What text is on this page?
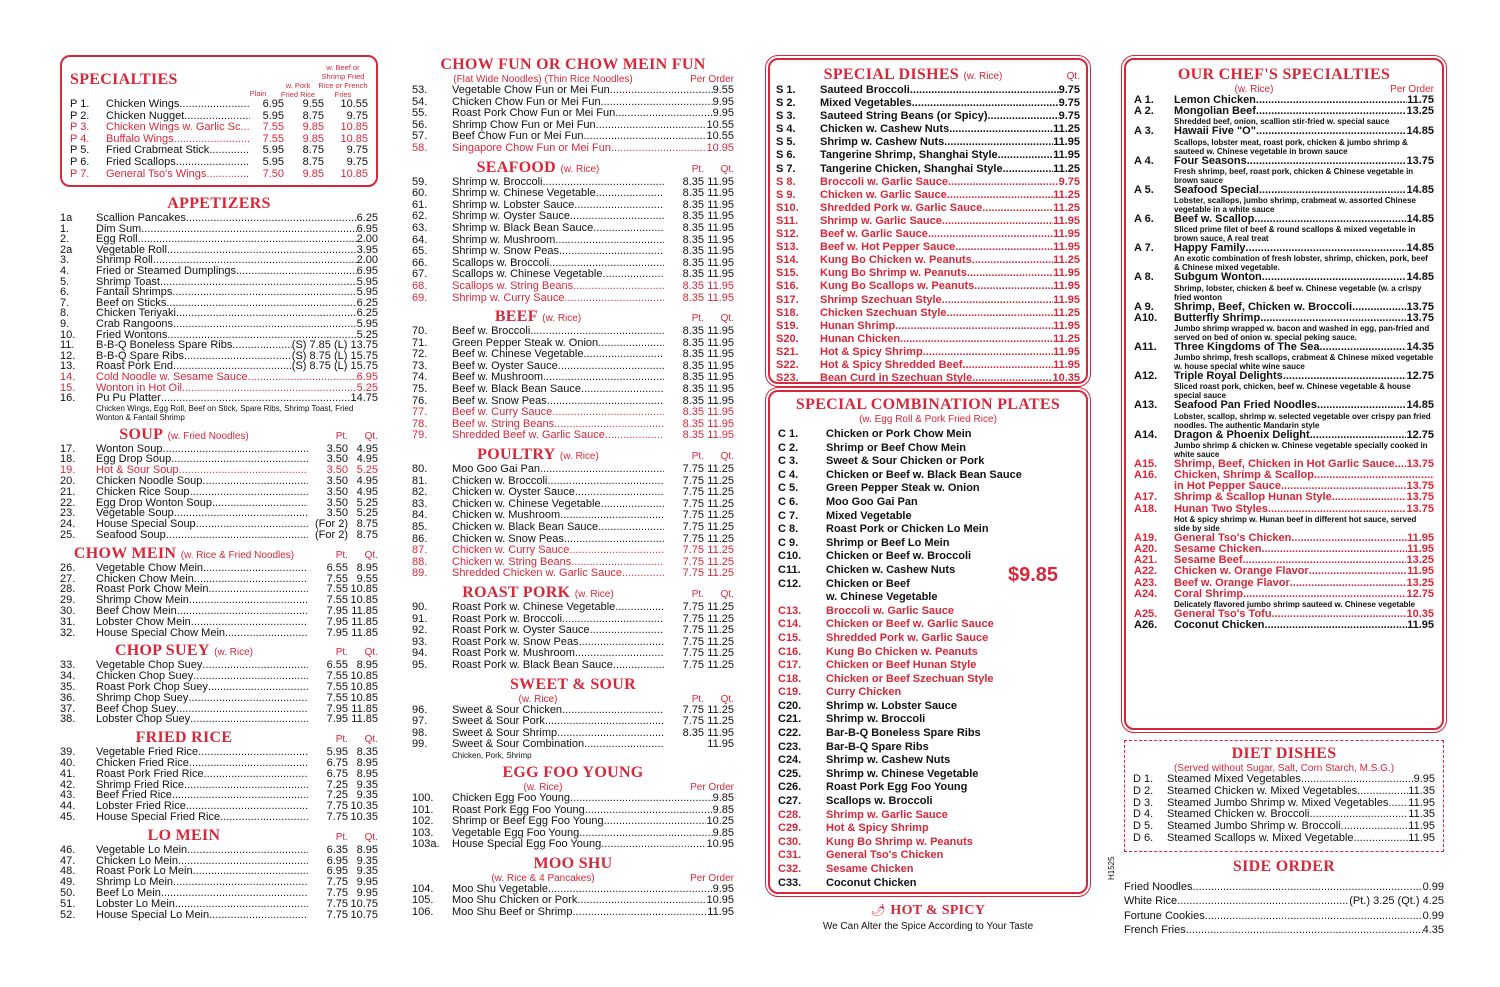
SPECIALTIES
Plain
w. Pork Fried Rice
w. Beef or Shrimp Fried Rice or French Fries
P 1.	Chicken Wings .....	6.95	9.55	10.55
P 2.	Chicken Nugget .....	5.95	8.75	9.75
P 3.	Chicken Wings w. Garlic Sc. .....	7.55	9.85	10.85
P 4.	Buffalo Wings .....	7.55	9.85	10.85
P 5.	Fried Crabmeat Stick .....	5.95	8.75	9.75
P 6.	Fried Scallops .....	5.95	8.75	9.75
P 7.	General Tso's Wings .....	7.50	9.85	10.85
APPETIZERS
1a	Scallion Pancakes .....	6.25
1.	Dim Sum .....	6.95
2.	Egg Roll .....	2.00
2a	Vegetable Roll .....	3.95
3.	Shrimp Roll .....	2.00
4.	Fried or Steamed Dumplings .....	6.95
5.	Shrimp Toast .....	5.95
6.	Fantail Shrimps .....	5.95
7.	Beef on Sticks .....	6.25
8.	Chicken Teriyaki .....	6.25
9.	Crab Rangoons .....	5.95
10.	Fried Wontons .....	5.25
11.	B-B-Q Boneless Spare Ribs .....	(S) 7.85 (L) 13.75
12.	B-B-Q Spare Ribs .....	(S) 8.75 (L) 15.75
13.	Roast Pork End .....	(S) 8.75 (L) 15.75
14.	Cold Noodle w. Sesame Sauce .....	6.95
15.	Wonton in Hot Oil .....	5.25
16.	Pu Pu Platter .....	14.75
Chicken Wings, Egg Roll, Beef on Stick, Spare Ribs, Shrimp Toast, Fried Wonton & Fantail Shrimp
SOUP (w. Fried Noodles)	Pt.	Qt.
17.	Wonton Soup .....	3.50 4.95
18.	Egg Drop Soup .....	3.50 4.95
19.	Hot & Sour Soup .....	3.50 5.25
20.	Chicken Noodle Soup .....	3.50 4.95
21.	Chicken Rice Soup .....	3.50 4.95
22.	Egg Drop Wonton Soup .....	3.50 5.25
23.	Vegetable Soup .....	3.50 5.25
24.	House Special Soup .....	(For 2) 8.75
25.	Seafood Soup .....	(For 2) 8.75
CHOW MEIN (w. Rice & Fried Noodles)	Pt.	Qt.
26.	Vegetable Chow Mein .....	6.55 8.95
27.	Chicken Chow Mein .....	7.55 9.55
28.	Roast Pork Chow Mein .....	7.55 10.85
29.	Shrimp Chow Mein .....	7.55 10.85
30.	Beef Chow Mein .....	7.95 11.85
31.	Lobster Chow Mein .....	7.95 11.85
32.	House Special Chow Mein .....	7.95 11.85
CHOP SUEY (w. Rice)	Pt.	Qt.
33.	Vegetable Chop Suey .....	6.55 8.95
34.	Chicken Chop Suey .....	7.55 10.85
35.	Roast Pork Chop Suey .....	7.55 10.85
36.	Shrimp Chop Suey .....	7.55 10.85
37.	Beef Chop Suey .....	7.95 11.85
38.	Lobster Chop Suey .....	7.95 11.85
FRIED RICE	Pt.	Qt.
39.	Vegetable Fried Rice .....	5.95 8.35
40.	Chicken Fried Rice .....	6.75 8.95
41.	Roast Pork Fried Rice .....	6.75 8.95
42.	Shrimp Fried Rice .....	7.25 9.35
43.	Beef Fried Rice .....	7.25 9.35
44.	Lobster Fried Rice .....	7.75 10.35
45.	House Special Fried Rice .....	7.75 10.35
LO MEIN	Pt.	Qt.
46.	Vegetable Lo Mein .....	6.35 8.95
47.	Chicken Lo Mein .....	6.95 9.35
48.	Roast Pork Lo Mein .....	6.95 9.35
49.	Shrimp Lo Mein .....	7.75 9.95
50.	Beef Lo Mein .....	7.75 9.95
51.	Lobster Lo Mein .....	7.75 10.75
52.	House Special Lo Mein .....	7.75 10.75
CHOW FUN OR CHOW MEIN FUN
(Flat Wide Noodles) (Thin Rice Noodles)	Per Order
53.	Vegetable Chow Fun or Mei Fun .....	9.55
54.	Chicken Chow Fun or Mei Fun .....	9.95
55.	Roast Pork Chow Fun or Mei Fun .....	9.95
56.	Shrimp Chow Fun or Mei Fun .....	10.55
57.	Beef Chow Fun or Mei Fun .....	10.55
58.	Singapore Chow Fun or Mei Fun .....	10.95
SEAFOOD (w. Rice)	Pt.	Qt.
59.	Shrimp w. Broccoli .....	8.35 11.95
60.	Shrimp w. Chinese Vegetable .....	8.35 11.95
61.	Shrimp w. Lobster Sauce .....	8.35 11.95
62.	Shrimp w. Oyster Sauce .....	8.35 11.95
63.	Shrimp w. Black Bean Sauce .....	8.35 11.95
64.	Shrimp w. Mushroom .....	8.35 11.95
65.	Shrimp w. Snow Peas .....	8.35 11.95
66.	Scallops w. Broccoli .....	8.35 11.95
67.	Scallops w. Chinese Vegetable .....	8.35 11.95
68.	Scallops w. String Beans .....	8.35 11.95
69.	Shrimp w. Curry Sauce .....	8.35 11.95
BEEF (w. Rice)	Pt.	Qt.
70.	Beef w. Broccoli .....	8.35 11.95
71.	Green Pepper Steak w. Onion .....	8.35 11.95
72.	Beef w. Chinese Vegetable .....	8.35 11.95
73.	Beef w. Oyster Sauce .....	8.35 11.95
74.	Beef w. Mushroom .....	8.35 11.95
75.	Beef w. Black Bean Sauce .....	8.35 11.95
76.	Beef w. Snow Peas .....	8.35 11.95
77.	Beef w. Curry Sauce .....	8.35 11.95
78.	Beef w. String Beans .....	8.35 11.95
79.	Shredded Beef w. Garlic Sauce .....	8.35 11.95
POULTRY (w. Rice)	Pt.	Qt.
80.	Moo Goo Gai Pan .....	7.75 11.25
81.	Chicken w. Broccoli .....	7.75 11.25
82.	Chicken w. Oyster Sauce .....	7.75 11.25
83.	Chicken w. Chinese Vegetable .....	7.75 11.25
84.	Chicken w. Mushroom .....	7.75 11.25
85.	Chicken w. Black Bean Sauce .....	7.75 11.25
86.	Chicken w. Snow Peas .....	7.75 11.25
87.	Chicken w. Curry Sauce .....	7.75 11.25
88.	Chicken w. String Beans .....	7.75 11.25
89.	Shredded Chicken w. Garlic Sauce .....	7.75 11.25
ROAST PORK (w. Rice)	Pt.	Qt.
90.	Roast Pork w. Chinese Vegetable .....	7.75 11.25
91.	Roast Pork w. Broccoli .....	7.75 11.25
92.	Roast Pork w. Oyster Sauce .....	7.75 11.25
93.	Roast Pork w. Snow Peas .....	7.75 11.25
94.	Roast Pork w. Mushroom .....	7.75 11.25
95.	Roast Pork w. Black Bean Sauce .....	7.75 11.25
SWEET & SOUR
(w. Rice)	Pt.	Qt.
96.	Sweet & Sour Chicken .....	7.75 11.25
97.	Sweet & Sour Pork .....	7.75 11.25
98.	Sweet & Sour Shrimp .....	8.35 11.95
99.	Sweet & Sour Combination .....	11.95
Chicken, Pork, Shrimp
EGG FOO YOUNG
(w. Rice)	Per Order
100.	Chicken Egg Foo Young .....	9.85
101.	Roast Pork Egg Foo Young .....	9.85
102.	Shrimp or Beef Egg Foo Young .....	10.25
103.	Vegetable Egg Foo Young .....	9.85
103a.	House Special Egg Foo Young .....	10.95
MOO SHU
(w. Rice & 4 Pancakes)	Per Order
104.	Moo Shu Vegetable .....	9.95
105.	Moo Shu Chicken or Pork .....	10.95
106.	Moo Shu Beef or Shrimp .....	11.95
SPECIAL DISHES (w. Rice)	Qt.
S 1.	Sauteed Broccoli .....	9.75
S 2.	Mixed Vegetables .....	9.75
S 3.	Sauteed String Beans (or Spicy) .....	9.75
S 4.	Chicken w. Cashew Nuts .....	11.25
S 5.	Shrimp w. Cashew Nuts .....	11.95
S 6.	Tangerine Shrimp, Shanghai Style .....	11.95
S 7.	Tangerine Chicken, Shanghai Style .....	11.25
S 8.	Broccoli w. Garlic Sauce .....	9.75
S 9.	Chicken w. Garlic Sauce .....	11.25
S10.	Shredded Pork w. Garlic Sauce .....	11.25
S11.	Shrimp w. Garlic Sauce .....	11.95
S12.	Beef w. Garlic Sauce .....	11.95
S13.	Beef w. Hot Pepper Sauce .....	11.95
S14.	Kung Bo Chicken w. Peanuts .....	11.25
S15.	Kung Bo Shrimp w. Peanuts .....	11.95
S16.	Kung Bo Scallops w. Peanuts .....	11.95
S17.	Shrimp Szechuan Style .....	11.95
S18.	Chicken Szechuan Style .....	11.25
S19.	Hunan Shrimp .....	11.95
S20.	Hunan Chicken .....	11.25
S21.	Hot & Spicy Shrimp .....	11.95
S22.	Hot & Spicy Shredded Beef .....	11.95
S23.	Bean Curd in Szechuan Style .....	10.35
SPECIAL COMBINATION PLATES
(w. Egg Roll & Pork Fried Rice)
C 1.	Chicken or Pork Chow Mein
C 2.	Shrimp or Beef Chow Mein
C 3.	Sweet & Sour Chicken or Pork
C 4.	Chicken or Beef w. Black Bean Sauce
C 5.	Green Pepper Steak w. Onion
C 6.	Moo Goo Gai Pan
C 7.	Mixed Vegetable
C 8.	Roast Pork or Chicken Lo Mein
C 9.	Shrimp or Beef Lo Mein
C10.	Chicken or Beef w. Broccoli
C11.	Chicken w. Cashew Nuts
C12.	Chicken or Beef
w. Chinese Vegetable
C13.	Broccoli w. Garlic Sauce
C14.	Chicken or Beef w. Garlic Sauce
C15.	Shredded Pork w. Garlic Sauce
C16.	Kung Bo Chicken w. Peanuts
C17.	Chicken or Beef Hunan Style
C18.	Chicken or Beef Szechuan Style
C19.	Curry Chicken
C20.	Shrimp w. Lobster Sauce
C21.	Shrimp w. Broccoli
C22.	Bar-B-Q Boneless Spare Ribs
C23.	Bar-B-Q Spare Ribs
C24.	Shrimp w. Cashew Nuts
C25.	Shrimp w. Chinese Vegetable
C26.	Roast Pork Egg Foo Young
C27.	Scallops w. Broccoli
C28.	Shrimp w. Garlic Sauce
C29.	Hot & Spicy Shrimp
C30.	Kung Bo Shrimp w. Peanuts
C31.	General Tso's Chicken
C32.	Sesame Chicken
C33.	Coconut Chicken
$9.85
🌶︎ HOT & SPICY
We Can Alter the Spice According to Your Taste
OUR CHEF'S SPECIALTIES
(w. Rice)	Per Order
A 1.	Lemon Chicken .....	11.75
A 2.	Mongolian Beef .....	13.25
Shredded beef, onion, scallion stir-fried w. special sauce
A 3.	Hawaii Five "O" .....	14.85
Scallops, lobster meat, roast pork, chicken & jumbo shrimp & sauteed w. Chinese vegetable in brown sauce
A 4.	Four Seasons .....	13.75
Fresh shrimp, beef, roast pork, chicken & Chinese vegetable in brown sauce
A 5.	Seafood Special .....	14.85
Lobster, scallops, jumbo shrimp, crabmeat w. assorted Chinese vegetable in a white sauce
A 6.	Beef w. Scallop .....	14.85
Sliced prime filet of beef & round scallops & mixed vegetable in brown sauce, A real treat
A 7.	Happy Family .....	14.85
An exotic combination of fresh lobster, shrimp, chicken, pork, beef & Chinese mixed vegetable.
A 8.	Subgum Wonton .....	14.85
Shrimp, lobster, chicken & beef w. Chinese vegetable (w. a crispy fried wonton
A 9.	Shrimp, Beef, Chicken w. Broccoli .....	13.75
A10.	Butterfly Shrimp .....	13.75
Jumbo shrimp wrapped w. bacon and washed in egg, pan-fried and served on bed of onion w. special peking sauce.
A11.	Three Kingdoms of The Sea .....	14.35
Jumbo shrimp, fresh scallops, crabmeat & Chinese mixed vegetable w. house special white wine sauce
A12.	Triple Royal Delights .....	12.75
Sliced roast pork, chicken, beef w. Chinese vegetable & house special sauce
A13.	Seafood Pan Fried Noodles .....	14.85
Lobster, scallop, shrimp w. selected vegetable over crispy pan fried noodles. The authentic Mandarin style
A14.	Dragon & Phoenix Delight .....	12.75
Jumbo shrimp & chicken w. Chinese vegetable specially cooked in white sauce
A15.	Shrimp, Beef, Chicken in Hot Garlic Sauce ..... 13.75
A16.	Chicken, Shrimp & Scallop
.....
in Hot Pepper Sauce .....	13.75
A17.	Shrimp & Scallop Hunan Style .....	13.75
A18.	Hunan Two Styles .....	13.75
Hot & spicy shrimp w. Hunan beef in different hot sauce, served side by side
A19.	General Tso's Chicken .....	11.95
A20.	Sesame Chicken .....	11.95
A21.	Sesame Beef .....	13.25
A22.	Chicken w. Orange Flavor .....	11.95
A23.	Beef w. Orange Flavor .....	13.25
A24.	Coral Shrimp .....	12.75
Delicately flavored jumbo shrimp sauteed w. Chinese vegetable
A25.	General Tso's Tofu .....	10.35
A26.	Coconut Chicken .....	11.95
DIET DISHES
(Served without Sugar, Salt, Corn Starch, M.S.G.)
D 1.	Steamed Mixed Vegetables .....	9.95
D 2.	Steamed Chicken w. Mixed Vegetables .....	11.35
D 3.	Steamed Jumbo Shrimp w. Mixed Vegetables ..... 11.95
D 4.	Steamed Chicken w. Broccoli .....	11.35
D 5.	Steamed Jumbo Shrimp w. Broccoli .....	11.95
D 6.	Steamed Scallops w. Mixed Vegetable .....	11.95
SIDE ORDER
Fried Noodles .....	0.99
White Rice .....	(Pt.) 3.25 (Qt.) 4.25
Fortune Cookies .....	0.99
French Fries .....	4.35
H1525
